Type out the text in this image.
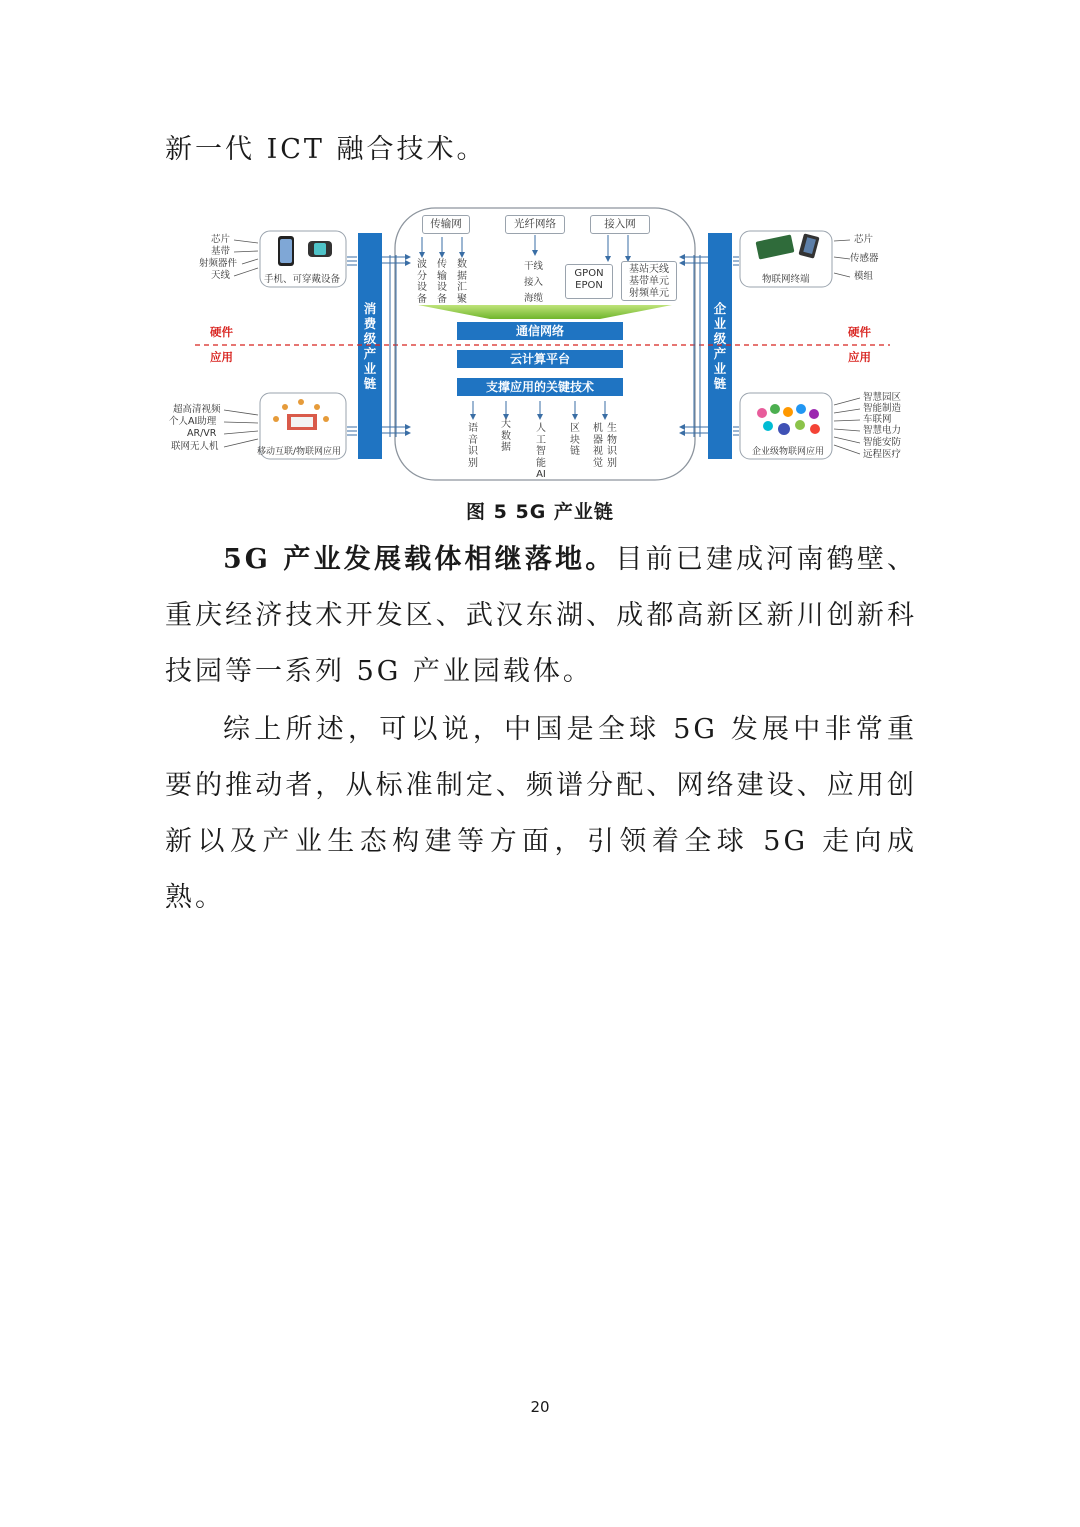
新一代 ICT 融合技术。

消费级产业链
企业级产业链
硬件
应用
硬件
应用
芯片
基带
射频器件
天线	手机、可穿戴设备
超高清视频
个人AI助理
AR/VR
联网无人机	移动互联/物联网应用
芯片
传感器
模组
物联网终端
智慧园区
智能制造
车联网
智慧电力
智能安防
远程医疗
企业级物联网应用
传输网	光纤网络	接入网
波分设备
传输设备
数据汇聚
干线
接入
海缆
GPON
EPON
基站天线
基带单元
射频单元
通信网络
云计算平台
支撑应用的关键技术
语音识别
大数据
人工智能AI
区块链
机器视觉
生物识别
图 5 5G 产业链

5G 产业发展载体相继落地。目前已建成河南鹤壁、重庆经济技术开发区、武汉东湖、成都高新区新川创新科技园等一系列 5G 产业园载体。

综上所述，可以说，中国是全球 5G 发展中非常重要的推动者，从标准制定、频谱分配、网络建设、应用创新以及产业生态构建等方面，引领着全球 5G 走向成熟。

20
